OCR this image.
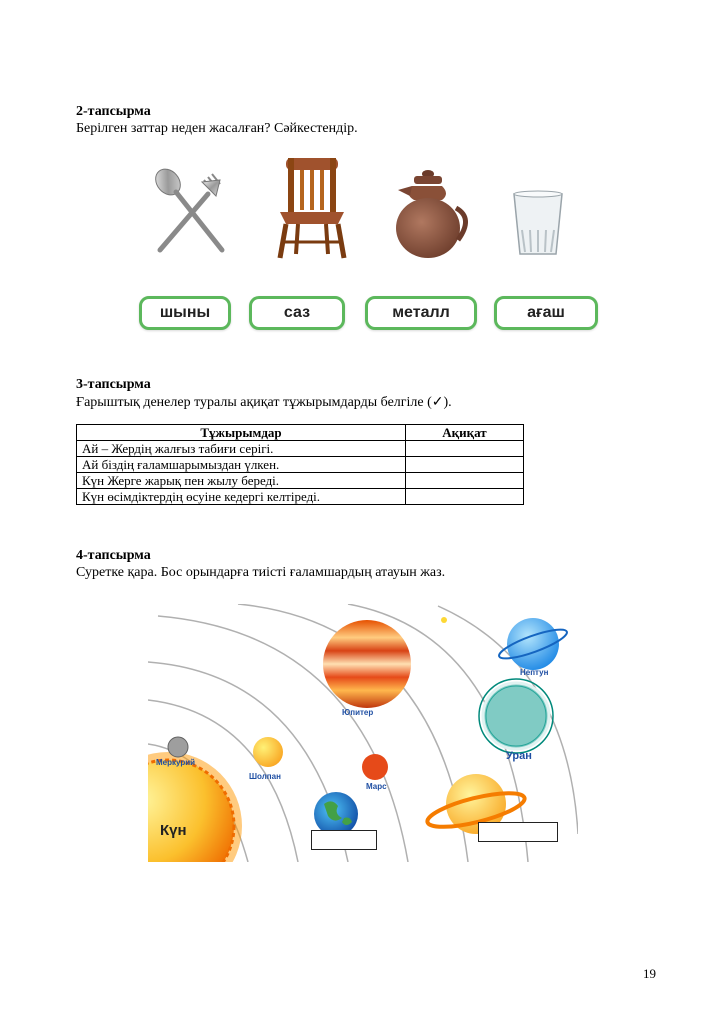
2-тапсырма
Берілген заттар неден жасалған? Сәйкестендір.
шыны	саз	металл	ағаш
3-тапсырма
Ғарыштық денелер туралы ақиқат тұжырымдарды белгіле (✓).
Тұжырымдар	Ақиқат
Ай – Жердің жалғыз табиғи серігі.	
Ай біздің ғаламшарымыздан үлкен.	
Күн Жерге жарық пен жылу береді.	
Күн өсімдіктердің өсуіне кедергі келтіреді.	
4-тапсырма
Суретке қара. Бос орындарға тиісті ғаламшардың атауын жаз.
Күн
Меркурий
Шолпан
Марс
Юпитер
Уран
Нептун
19
